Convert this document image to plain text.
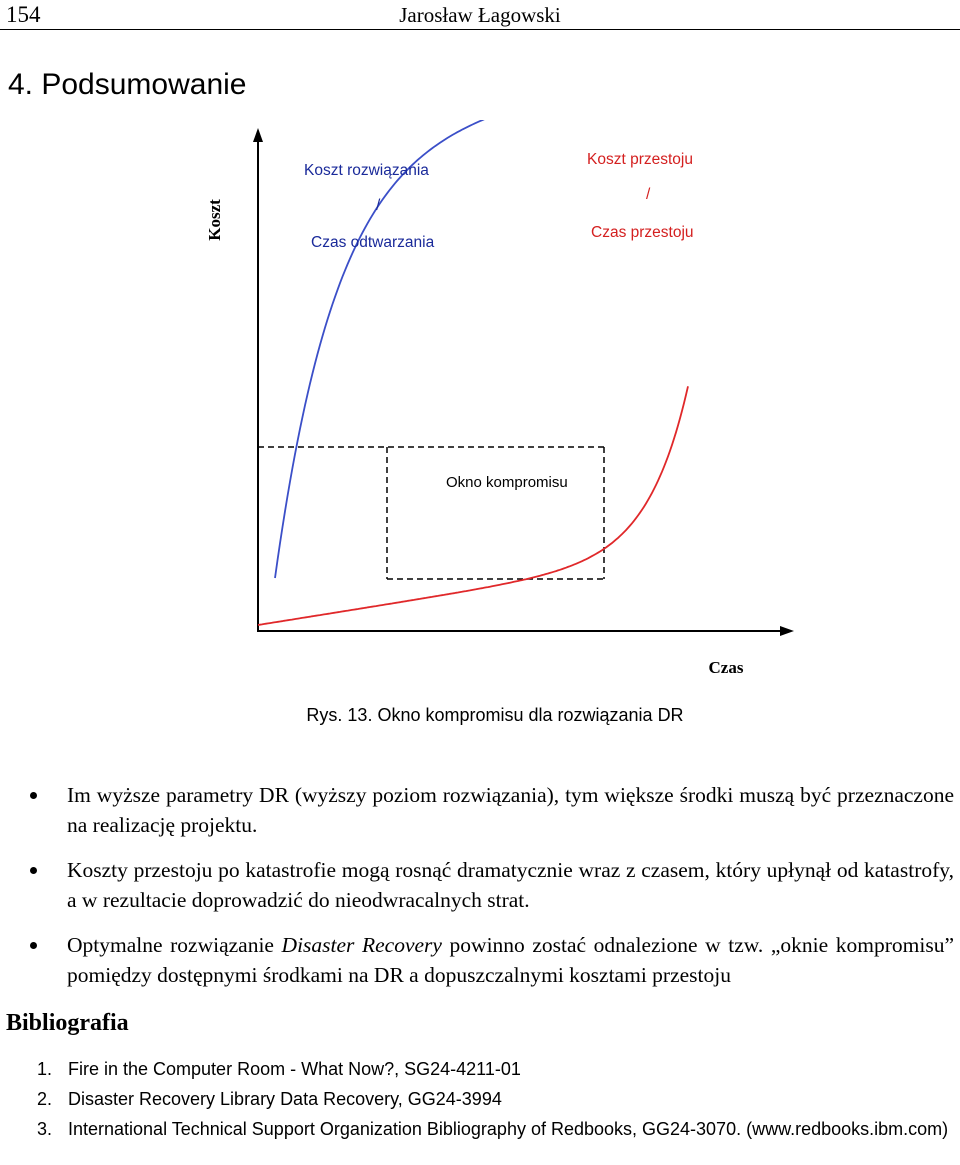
154	Jarosław Łagowski
4. Podsumowanie
Koszt
Czas
Koszt rozwiązania
/
Czas odtwarzania
Koszt przestoju
/
Czas przestoju
Okno kompromisu
Rys. 13. Okno kompromisu dla rozwiązania DR
Im wyższe parametry DR (wyższy poziom rozwiązania), tym większe środki muszą być przeznaczone na realizację projektu.
Koszty przestoju po katastrofie mogą rosnąć dramatycznie wraz z czasem, który upłynął od katastrofy, a w rezultacie doprowadzić do nieodwracalnych strat.
Optymalne rozwiązanie Disaster Recovery powinno zostać odnalezione w tzw. „oknie kompromisu” pomiędzy dostępnymi środkami na DR a dopuszczalnymi kosztami przestoju
Bibliografia
1. Fire in the Computer Room - What Now?, SG24-4211-01
2. Disaster Recovery Library Data Recovery, GG24-3994
3. International Technical Support Organization Bibliography of Redbooks, GG24-3070. (www.redbooks.ibm.com)
